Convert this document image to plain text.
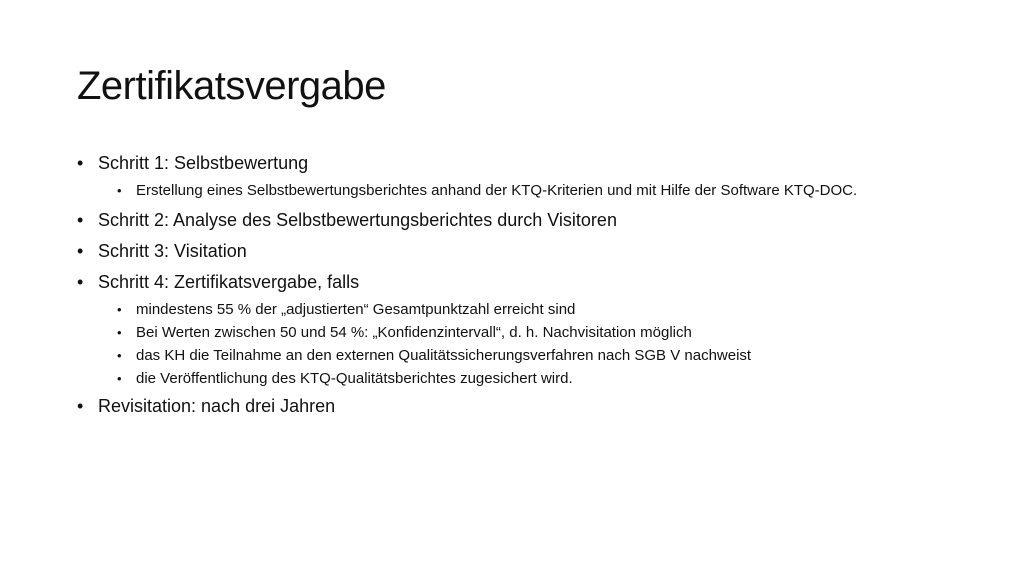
Zertifikatsvergabe
• Schritt 1: Selbstbewertung
• Erstellung eines Selbstbewertungsberichtes anhand der KTQ-Kriterien und mit Hilfe der Software KTQ-DOC.
• Schritt 2: Analyse des Selbstbewertungsberichtes durch Visitoren
• Schritt 3: Visitation
• Schritt 4: Zertifikatsvergabe, falls
• mindestens 55 % der „adjustierten“ Gesamtpunktzahl erreicht sind
• Bei Werten zwischen 50 und 54 %: „Konfidenzintervall“, d. h. Nachvisitation möglich
• das KH die Teilnahme an den externen Qualitätssicherungsverfahren nach SGB V nachweist
• die Veröffentlichung des KTQ-Qualitätsberichtes zugesichert wird.
• Revisitation: nach drei Jahren
